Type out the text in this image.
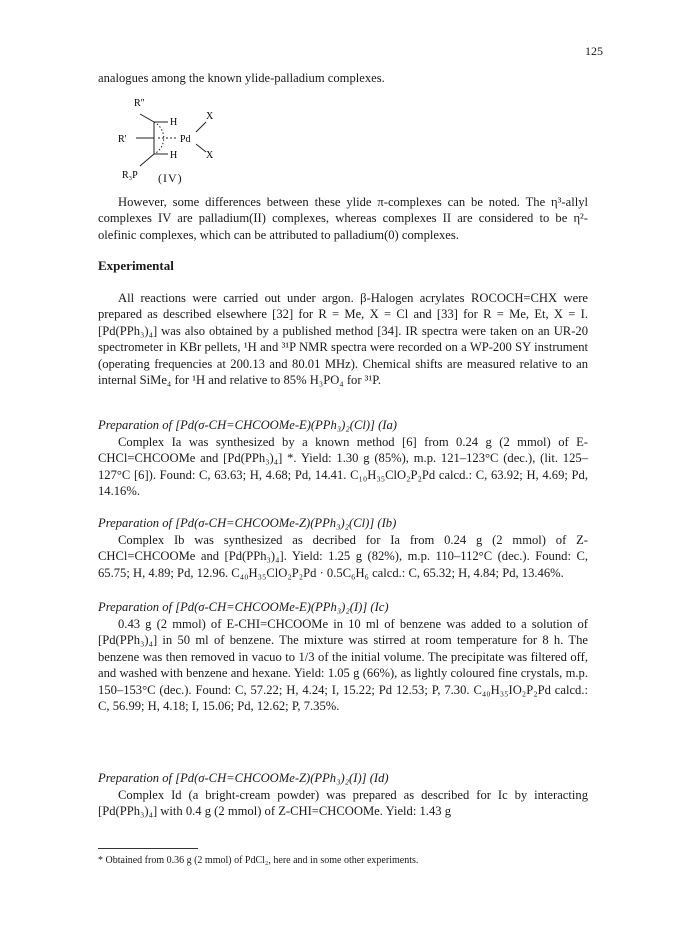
125

analogues among the known ylide-palladium complexes.

R"
R'
R₃P
H
H
Pd
X
X
(IV)

However, some differences between these ylide π-complexes can be noted. The η³-allyl complexes IV are palladium(II) complexes, whereas complexes II are considered to be η²-olefinic complexes, which can be attributed to palladium(0) complexes.

Experimental

All reactions were carried out under argon. β-Halogen acrylates ROCOCH=CHX were prepared as described elsewhere [32] for R = Me, X = Cl and [33] for R = Me, Et, X = I. [Pd(PPh₃)₄] was also obtained by a published method [34]. IR spectra were taken on an UR-20 spectrometer in KBr pellets, ¹H and ³¹P NMR spectra were recorded on a WP-200 SY instrument (operating frequencies at 200.13 and 80.01 MHz). Chemical shifts are measured relative to an internal SiMe₄ for ¹H and relative to 85% H₃PO₄ for ³¹P.

Preparation of [Pd(σ-CH=CHCOOMe-E)(PPh₃)₂(Cl)] (Ia)

Complex Ia was synthesized by a known method [6] from 0.24 g (2 mmol) of E-CHCl=CHCOOMe and [Pd(PPh₃)₄] *. Yield: 1.30 g (85%), m.p. 121–123°C (dec.), (lit. 125–127°C [6]). Found: C, 63.63; H, 4.68; Pd, 14.41. C₁₀H₃₅ClO₂P₂Pd calcd.: C, 63.92; H, 4.69; Pd, 14.16%.

Preparation of [Pd(σ-CH=CHCOOMe-Z)(PPh₃)₂(Cl)] (Ib)

Complex Ib was synthesized as decribed for Ia from 0.24 g (2 mmol) of Z-CHCl=CHCOOMe and [Pd(PPh₃)₄]. Yield: 1.25 g (82%), m.p. 110–112°C (dec.). Found: C, 65.75; H, 4.89; Pd, 12.96. C₄₀H₃₅ClO₂P₂Pd · 0.5C₆H₆ calcd.: C, 65.32; H, 4.84; Pd, 13.46%.

Preparation of [Pd(σ-CH=CHCOOMe-E)(PPh₃)₂(I)] (Ic)

0.43 g (2 mmol) of E-CHI=CHCOOMe in 10 ml of benzene was added to a solution of [Pd(PPh₃)₄] in 50 ml of benzene. The mixture was stirred at room temperature for 8 h. The benzene was then removed in vacuo to 1/3 of the initial volume. The precipitate was filtered off, and washed with benzene and hexane. Yield: 1.05 g (66%), as lightly coloured fine crystals, m.p. 150–153°C (dec.). Found: C, 57.22; H, 4.24; I, 15.22; Pd 12.53; P, 7.30. C₄₀H₃₅IO₂P₂Pd calcd.: C, 56.99; H, 4.18; I, 15.06; Pd, 12.62; P, 7.35%.

Preparation of [Pd(σ-CH=CHCOOMe-Z)(PPh₃)₂(I)] (Id)

Complex Id (a bright-cream powder) was prepared as described for Ic by interacting [Pd(PPh₃)₄] with 0.4 g (2 mmol) of Z-CHI=CHCOOMe. Yield: 1.43 g

* Obtained from 0.36 g (2 mmol) of PdCl₂, here and in some other experiments.
